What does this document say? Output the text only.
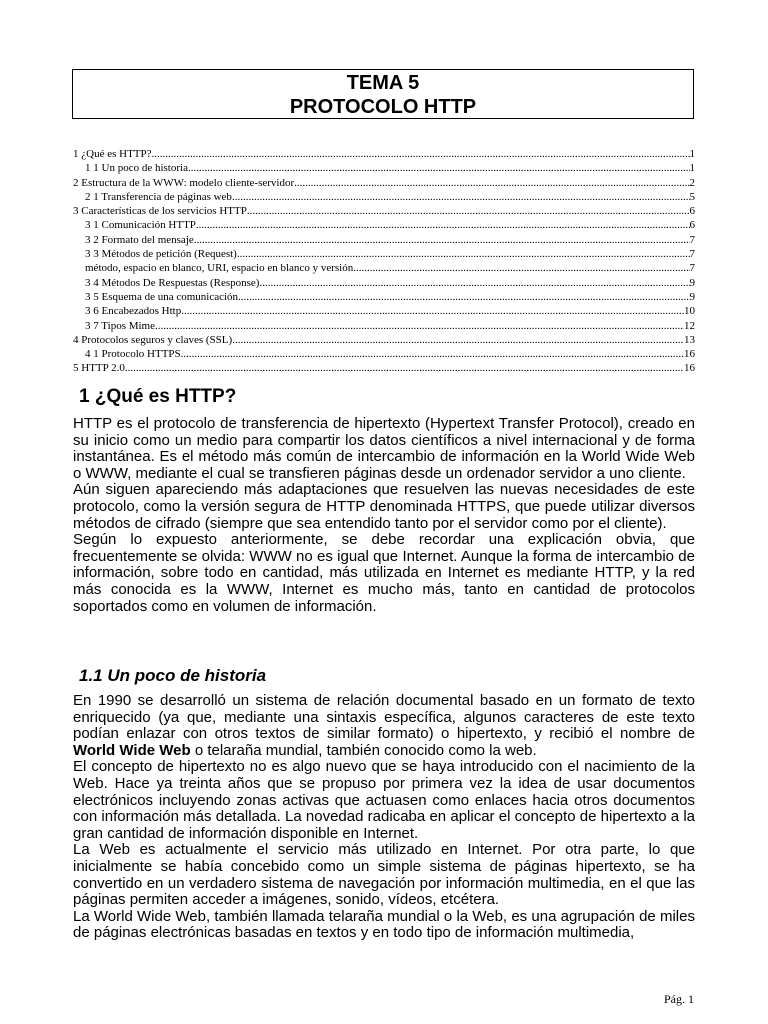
TEMA 5
PROTOCOLO HTTP
1 ¿Qué es HTTP? .....	1
1 1 Un poco de historia .....	1
2 Estructura de la WWW: modelo cliente-servidor .....	2
2 1 Transferencia de páginas web .....	5
3 Características de los servicios HTTP .....	6
3 1 Comunicación HTTP .....	6
3 2 Formato del mensaje .....	7
3 3 Métodos de petición (Request) .....	7
método, espacio en blanco, URI, espacio en blanco y versión .....	7
3 4 Métodos De Respuestas (Response) .....	9
3 5 Esquema de una comunicación .....	9
3 6 Encabezados Http .....	10
3 7 Tipos Mime .....	12
4 Protocolos seguros y claves (SSL) .....	13
4 1 Protocolo HTTPS .....	16
5 HTTP 2.0 .....	16
1 ¿Qué es HTTP?

HTTP es el protocolo de transferencia de hipertexto (Hypertext Transfer Protocol), creado en su inicio como un medio para compartir los datos científicos a nivel internacional y de forma instantánea. Es el método más común de intercambio de información en la World Wide Web o WWW, mediante el cual se transfieren páginas desde un ordenador servidor a uno cliente.

Aún siguen apareciendo más adaptaciones que resuelven las nuevas necesidades de este protocolo, como la versión segura de HTTP denominada HTTPS, que puede utilizar diversos métodos de cifrado (siempre que sea entendido tanto por el servidor como por el cliente).

Según lo expuesto anteriormente, se debe recordar una explicación obvia, que frecuentemente se olvida: WWW no es igual que Internet. Aunque la forma de intercambio de información, sobre todo en cantidad, más utilizada en Internet es mediante HTTP, y la red más conocida es la WWW, Internet es mucho más, tanto en cantidad de protocolos soportados como en volumen de información.

1.1 Un poco de historia

En 1990 se desarrolló un sistema de relación documental basado en un formato de texto enriquecido (ya que, mediante una sintaxis específica, algunos caracteres de este texto podían enlazar con otros textos de similar formato) o hipertexto, y recibió el nombre de World Wide Web o telaraña mundial, también conocido como la web.

El concepto de hipertexto no es algo nuevo que se haya introducido con el nacimiento de la Web. Hace ya treinta años que se propuso por primera vez la idea de usar documentos electrónicos incluyendo zonas activas que actuasen como enlaces hacia otros documentos con información más detallada. La novedad radicaba en aplicar el concepto de hipertexto a la gran cantidad de información disponible en Internet.

La Web es actualmente el servicio más utilizado en Internet. Por otra parte, lo que inicialmente se había concebido como un simple sistema de páginas hipertexto, se ha convertido en un verdadero sistema de navegación por información multimedia, en el que las páginas permiten acceder a imágenes, sonido, vídeos, etcétera.

La World Wide Web, también llamada telaraña mundial o la Web, es una agrupación de miles de páginas electrónicas basadas en textos y en todo tipo de información multimedia,

Pág. 1
